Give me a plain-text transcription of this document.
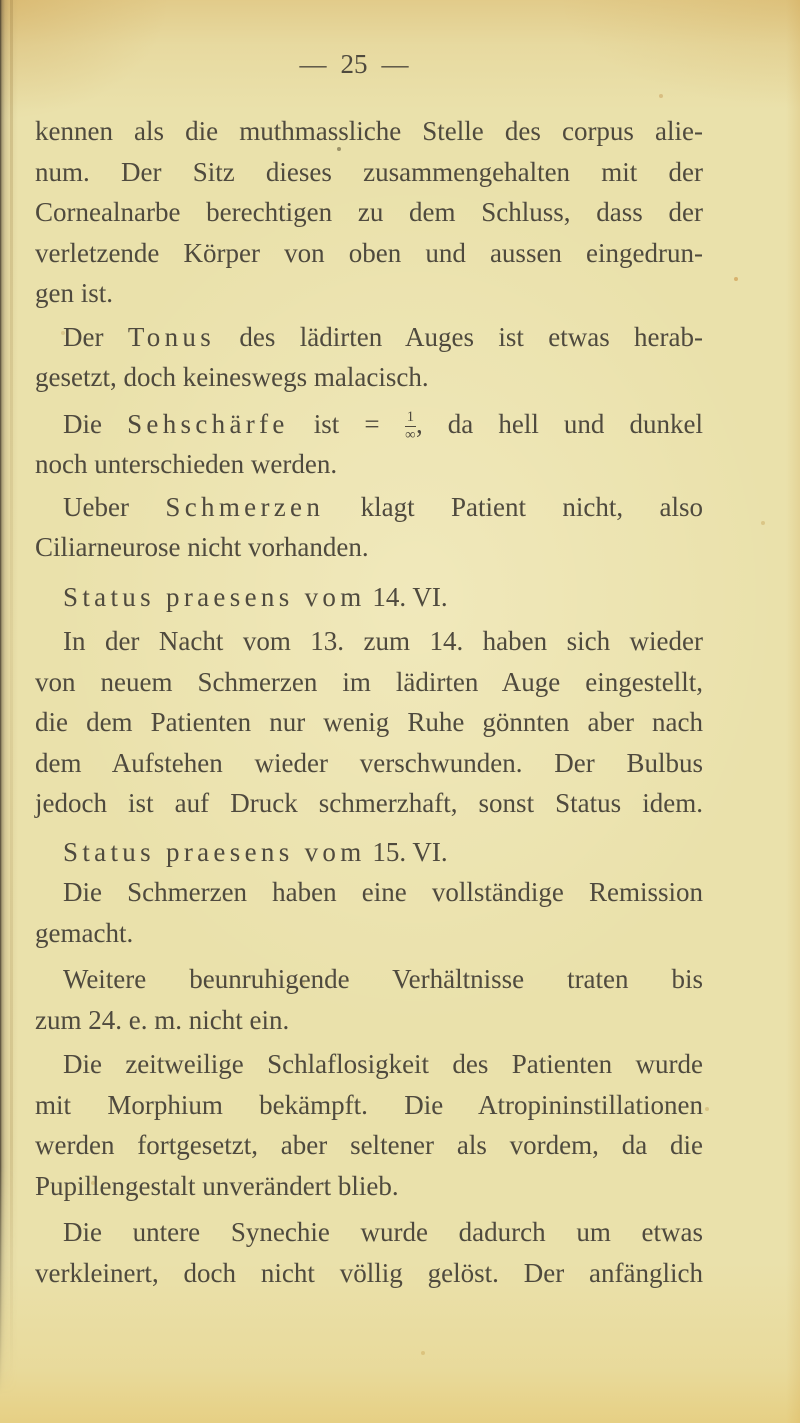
— 25 —
kennen als die muthmassliche Stelle des corpus alie-
num. Der Sitz dieses zusammengehalten mit der
Cornealnarbe berechtigen zu dem Schluss, dass der
verletzende Körper von oben und aussen eingedrun-
gen ist.
Der Tonus des lädirten Auges ist etwas herab-
gesetzt, doch keineswegs malacisch.
Die Sehschärfe ist = $\frac{1}{\infty}$ , da hell und dunkel
noch unterschieden werden.
Ueber Schmerzen klagt Patient nicht, also
Ciliarneurose nicht vorhanden.
Status praesens vom 14. VI.
In der Nacht vom 13. zum 14. haben sich wieder
von neuem Schmerzen im lädirten Auge eingestellt,
die dem Patienten nur wenig Ruhe gönnten aber nach
dem Aufstehen wieder verschwunden. Der Bulbus
jedoch ist auf Druck schmerzhaft, sonst Status idem.
Status praesens vom 15. VI.
Die Schmerzen haben eine vollständige Remission
gemacht.
Weitere beunruhigende Verhältnisse traten bis
zum 24. e. m. nicht ein.
Die zeitweilige Schlaflosigkeit des Patienten wurde
mit Morphium bekämpft. Die Atropininstillationen
werden fortgesetzt, aber seltener als vordem, da die
Pupillengestalt unverändert blieb.
Die untere Synechie wurde dadurch um etwas
verkleinert, doch nicht völlig gelöst. Der anfänglich
